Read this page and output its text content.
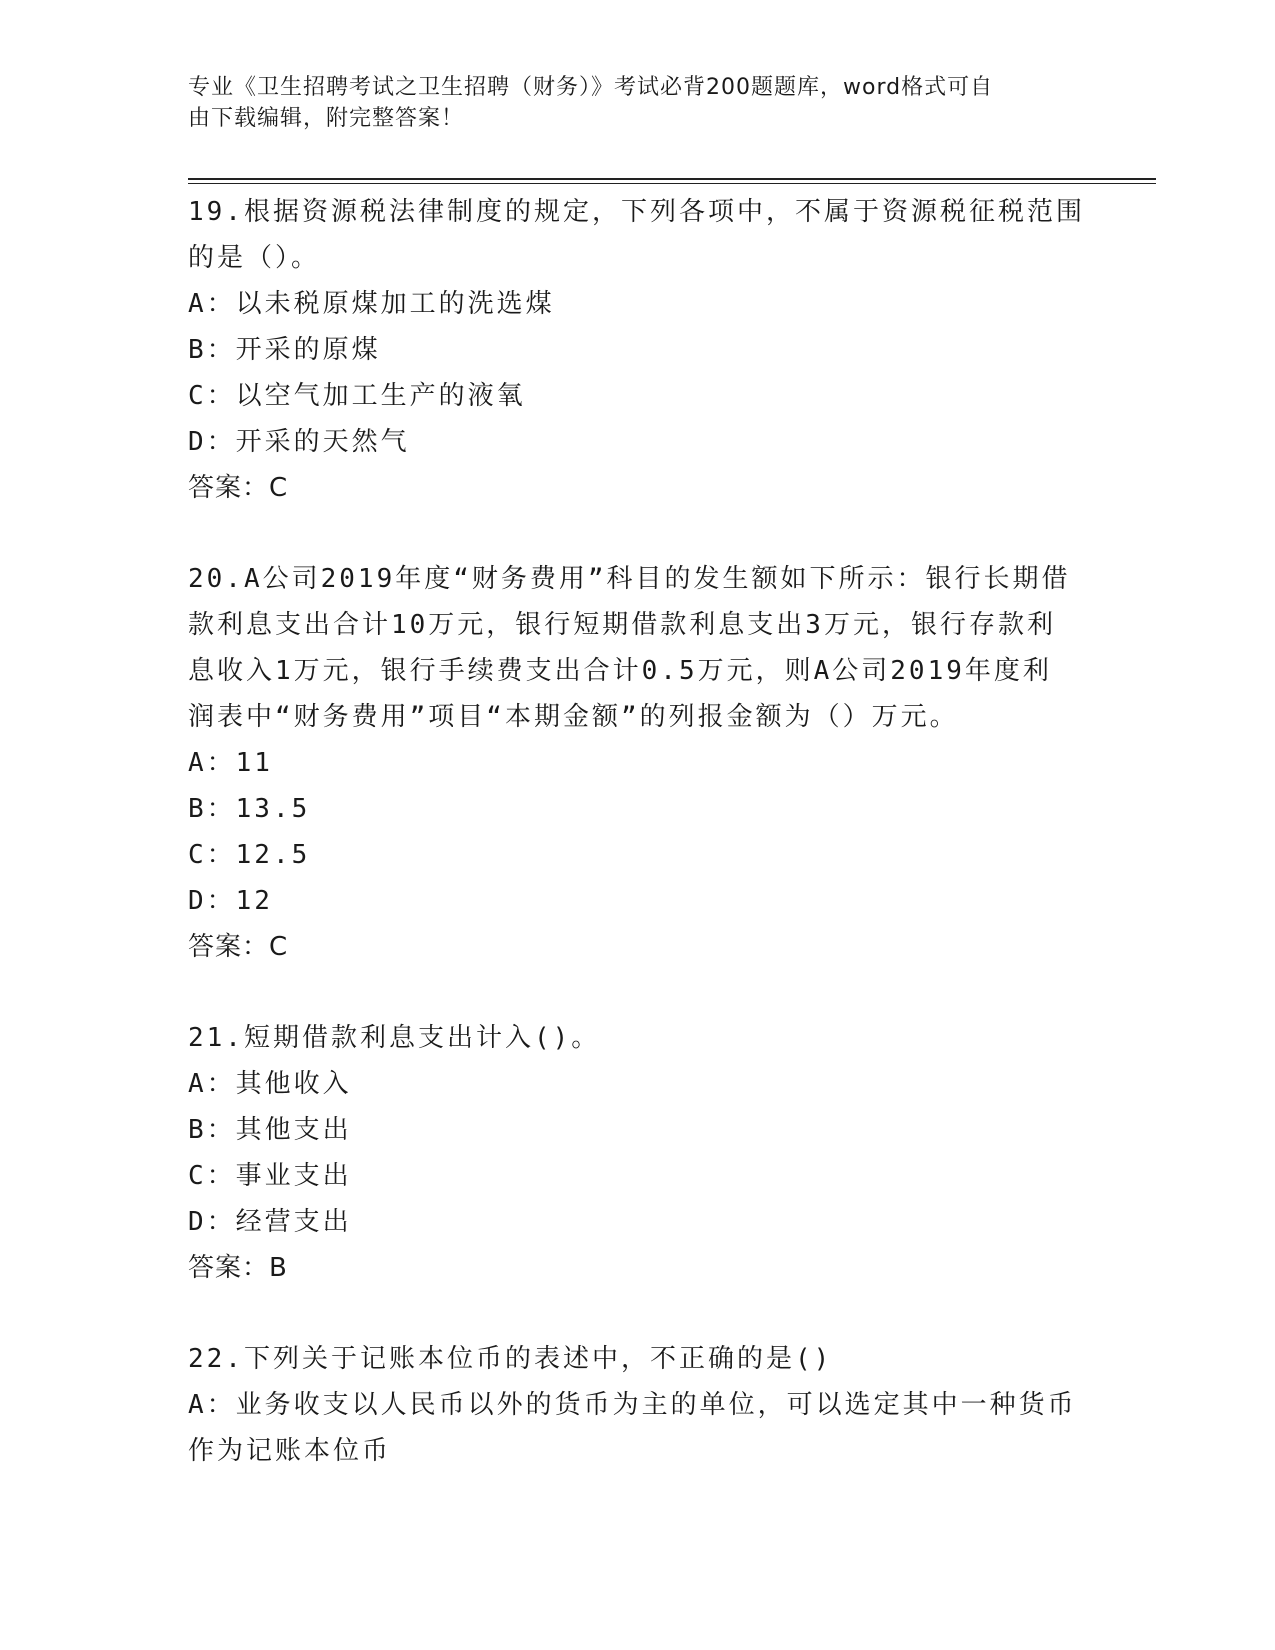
专业《卫生招聘考试之卫生招聘（财务）》考试必背200题题库，word格式可自
由下载编辑，附完整答案！
19.根据资源税法律制度的规定，下列各项中，不属于资源税征税范围
的是（）。
A：以未税原煤加工的洗选煤
B：开采的原煤
C：以空气加工生产的液氧
D：开采的天然气
答案：C
20.A公司2019年度“财务费用”科目的发生额如下所示：银行长期借
款利息支出合计10万元，银行短期借款利息支出3万元，银行存款利
息收入1万元，银行手续费支出合计0.5万元，则A公司2019年度利
润表中“财务费用”项目“本期金额”的列报金额为（）万元。
A：11
B：13.5
C：12.5
D：12
答案：C
21.短期借款利息支出计入()。
A：其他收入
B：其他支出
C：事业支出
D：经营支出
答案：B
22.下列关于记账本位币的表述中，不正确的是()
A：业务收支以人民币以外的货币为主的单位，可以选定其中一种货币
作为记账本位币
